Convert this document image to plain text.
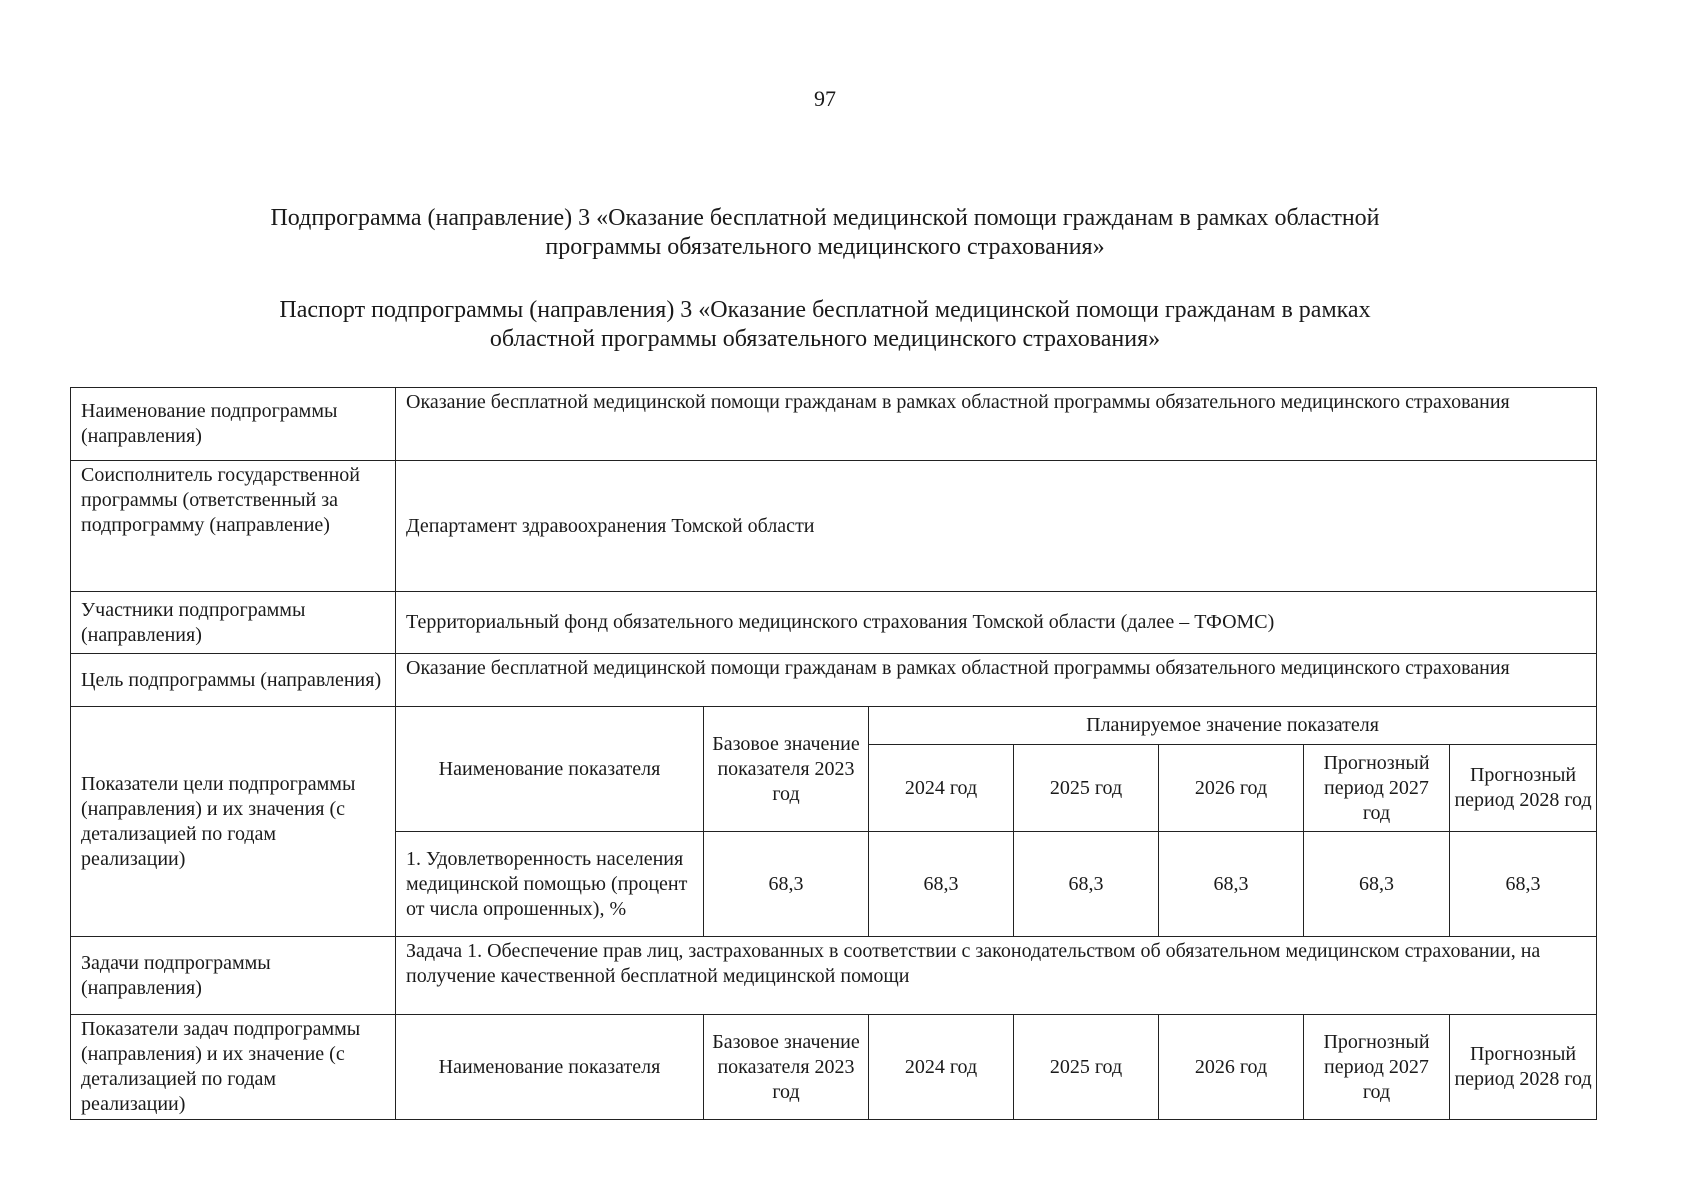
97
Подпрограмма (направление) 3 «Оказание бесплатной медицинской помощи гражданам в рамках областной
программы обязательного медицинского страхования»
Паспорт подпрограммы (направления) 3 «Оказание бесплатной медицинской помощи гражданам в рамках
областной программы обязательного медицинского страхования»
Наименование подпрограммы (направления)	Оказание бесплатной медицинской помощи гражданам в рамках областной программы обязательного медицинского страхования						
Соисполнитель государственной программы (ответственный за подпрограмму (направление)	Департамент здравоохранения Томской области						
Участники подпрограммы (направления)	Территориальный фонд обязательного медицинского страхования Томской области (далее – ТФОМС)						
Цель подпрограммы (направления)	Оказание бесплатной медицинской помощи гражданам в рамках областной программы обязательного медицинского страхования						
Показатели цели подпрограммы (направления) и их значения (с детализацией по годам реализации)	Наименование показателя	Базовое значение показателя 2023 год	Планируемое значение показателя				
			2024 год	2025 год	2026 год	Прогнозный период 2027 год	Прогнозный период 2028 год
	1. Удовлетворенность населения медицинской помощью (процент от числа опрошенных), %	68,3	68,3	68,3	68,3	68,3	68,3
Задачи подпрограммы (направления)	Задача 1. Обеспечение прав лиц, застрахованных в соответствии с законодательством об обязательном медицинском страховании, на получение качественной бесплатной медицинской помощи						
Показатели задач подпрограммы (направления) и их значение (с детализацией по годам реализации)	Наименование показателя	Базовое значение показателя 2023 год	2024 год	2025 год	2026 год	Прогнозный период 2027 год	Прогнозный период 2028 год
